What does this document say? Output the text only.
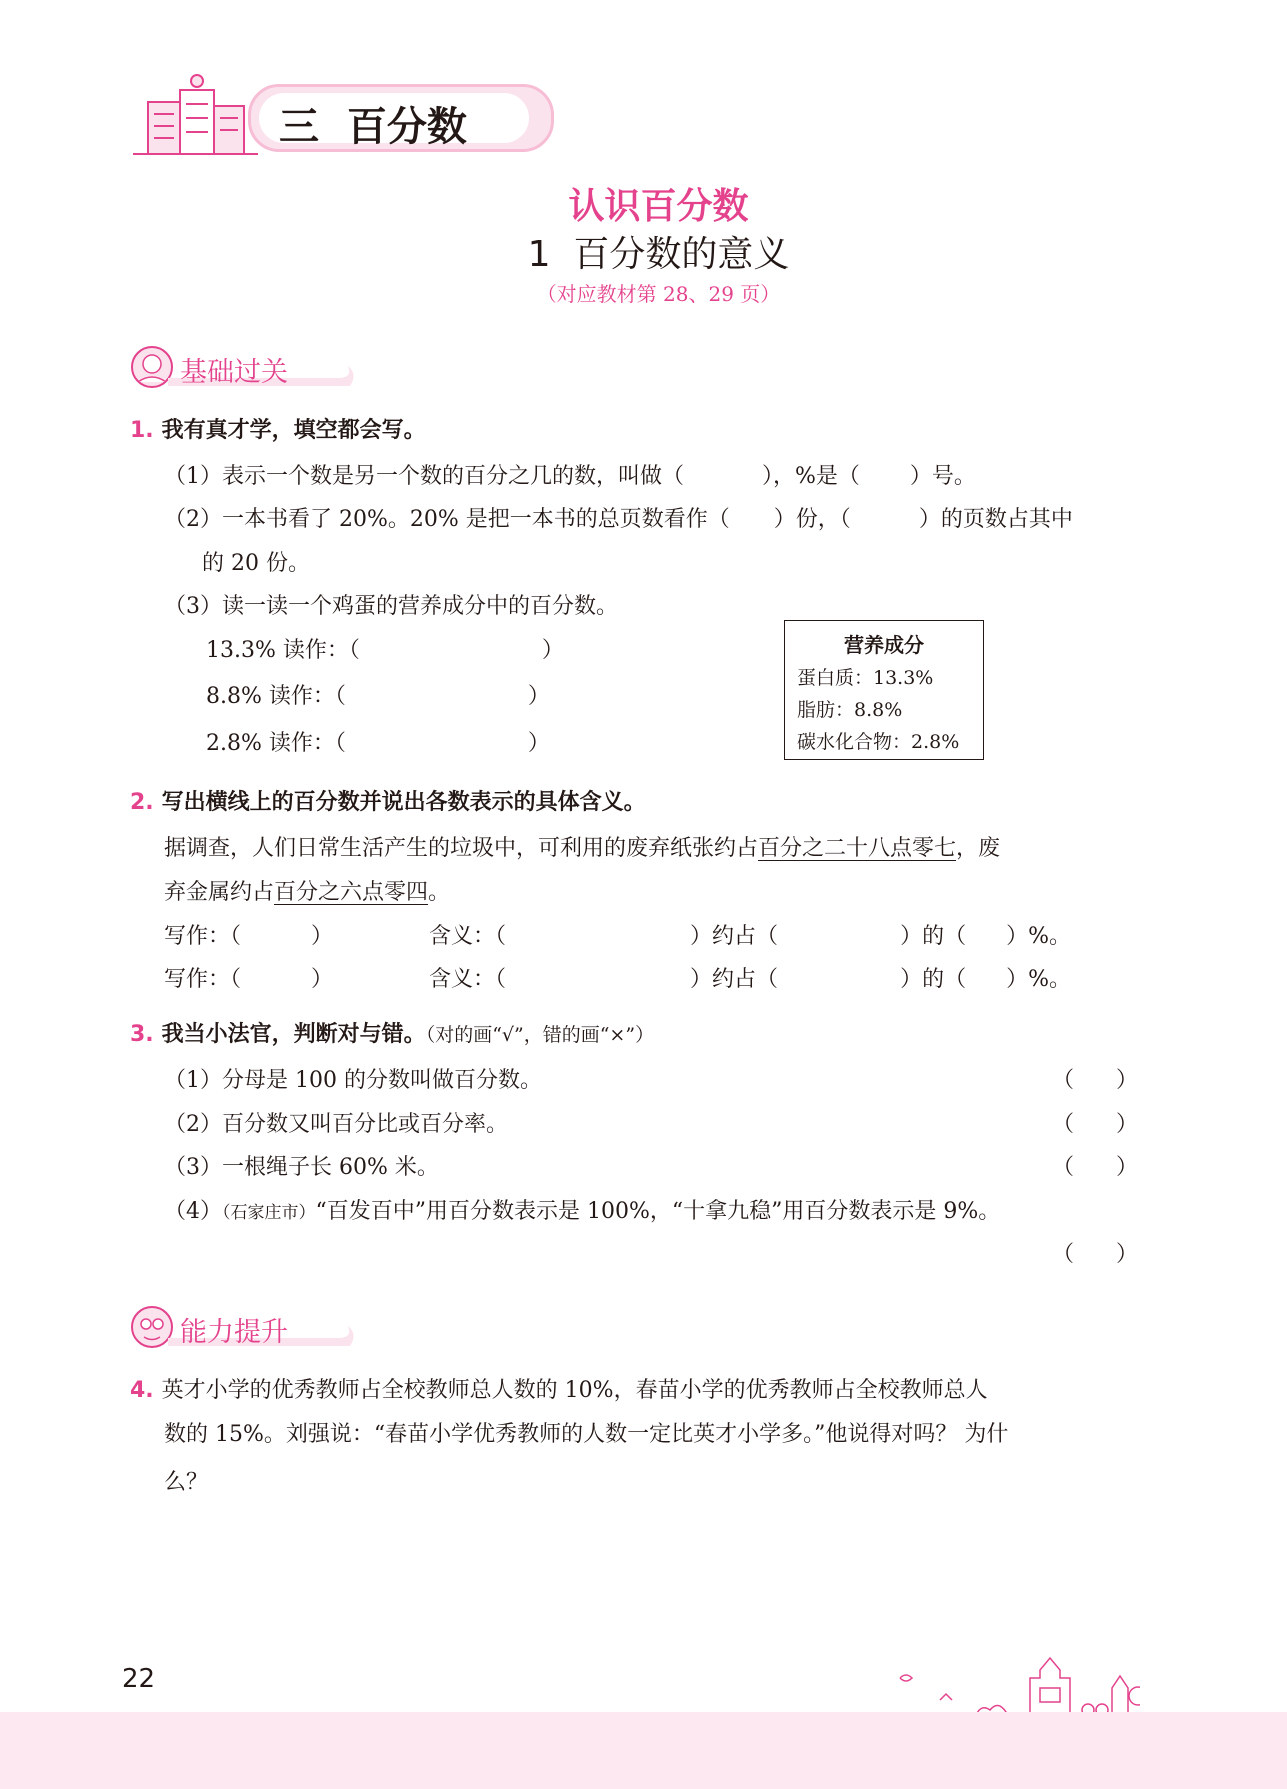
三  百分数
认识百分数
1  百分数的意义
（对应教材第 28、29 页）
基础过关
1. 我有真才学，填空都会写。
（1）表示一个数是另一个数的百分之几的数，叫做（	），%是（ ）号。
（2）一本书看了 20%。20% 是把一本书的总页数看作（ ）份，（	）的页数占其中
的 20 份。
（3）读一读一个鸡蛋的营养成分中的百分数。
13.3% 读作：（	）
8.8% 读作：（	）
2.8% 读作：（	）
营养成分
蛋白质：13.3%
脂肪：8.8%
碳水化合物：2.8%
2. 写出横线上的百分数并说出各数表示的具体含义。
据调查，人们日常生活产生的垃圾中，可利用的废弃纸张约占百分之二十八点零七，废
弃金属约占百分之六点零四。
写作：（	）	含义：（	）约占（	）的（ ）%。
写作：（	）	含义：（	）约占（	）的（ ）%。
3. 我当小法官，判断对与错。（对的画“√”，错的画“×”）
（1）分母是 100 的分数叫做百分数。	（ ）
（2）百分数又叫百分比或百分率。	（ ）
（3）一根绳子长 60% 米。	（ ）
（4）（石家庄市）“百发百中”用百分数表示是 100%，“十拿九稳”用百分数表示是 9%。
（ ）
能力提升
4. 英才小学的优秀教师占全校教师总人数的 10%，春苗小学的优秀教师占全校教师总人
数的 15%。刘强说：“春苗小学优秀教师的人数一定比英才小学多。”他说得对吗？ 为什
么？
22
